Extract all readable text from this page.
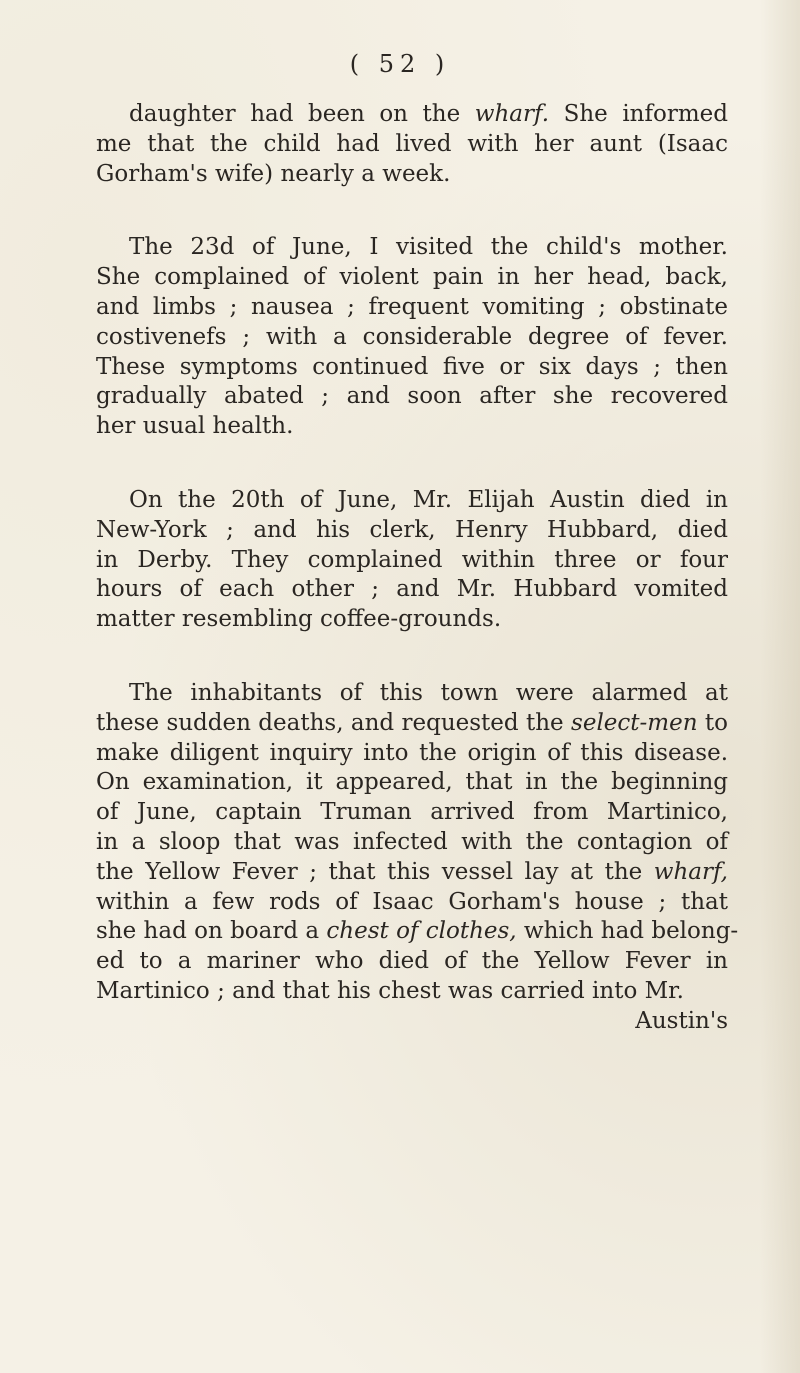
( 52 )
daughter had been on the wharf. She informed
me that the child had lived with her aunt (Isaac
Gorham's wife) nearly a week.
The 23d of June, I visited the child's mother.
She complained of violent pain in her head, back,
and limbs ; nausea ; frequent vomiting ; obstinate
costivenefs ; with a considerable degree of fever.
These symptoms continued five or six days ; then
gradually abated ; and soon after she recovered
her usual health.
On the 20th of June, Mr. Elijah Austin died in
New-York ; and his clerk, Henry Hubbard, died
in Derby. They complained within three or four
hours of each other ; and Mr. Hubbard vomited
matter resembling coffee-grounds.
The inhabitants of this town were alarmed at
these sudden deaths, and requested the select-men to
make diligent inquiry into the origin of this disease.
On examination, it appeared, that in the beginning
of June, captain Truman arrived from Martinico,
in a sloop that was infected with the contagion of
the Yellow Fever ; that this vessel lay at the wharf,
within a few rods of Isaac Gorham's house ; that
she had on board a chest of clothes, which had belong-
ed to a mariner who died of the Yellow Fever in
Martinico ; and that his chest was carried into Mr.
Austin's
